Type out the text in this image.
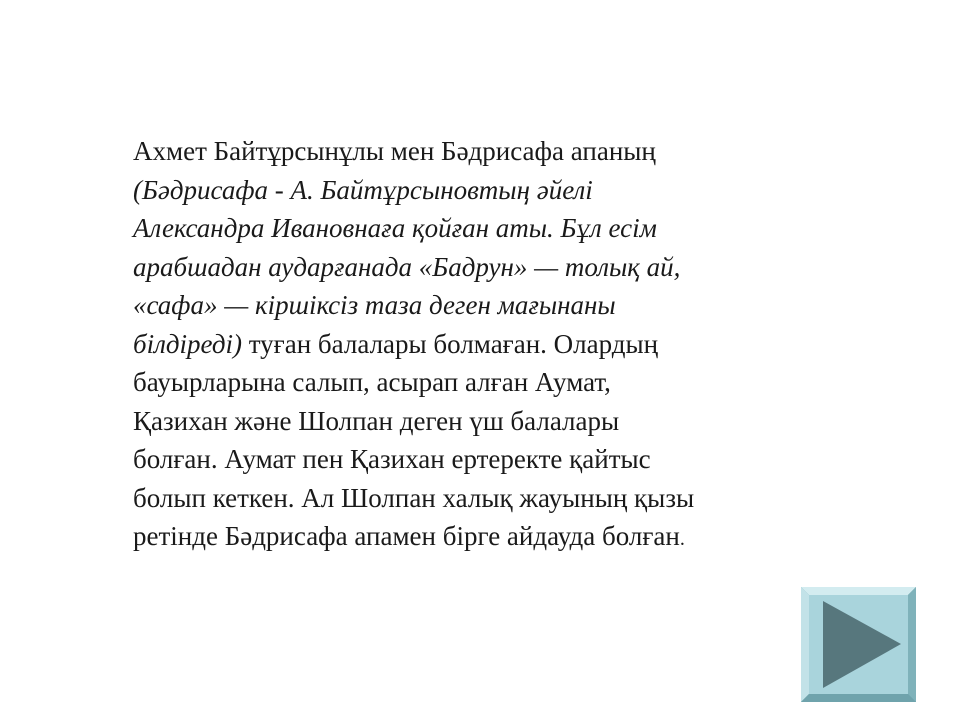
Ахмет Байтұрсынұлы мен Бәдрисафа апаның
(Бәдрисафа - А. Байтұрсыновтың әйелі
Александра Ивановнаға қойған аты. Бұл есім
арабшадан аударғанада «Бадрун» — толық ай,
«сафа» — кіршіксіз таза деген мағынаны
білдіреді) туған балалары болмаған. Олардың
бауырларына салып, асырап алған Аумат,
Қазихан және Шолпан деген үш балалары
болған. Аумат пен Қазихан ертеректе қайтыс
болып кеткен. Ал Шолпан халық жауының қызы
ретінде Бәдрисафа апамен бірге айдауда болған.
